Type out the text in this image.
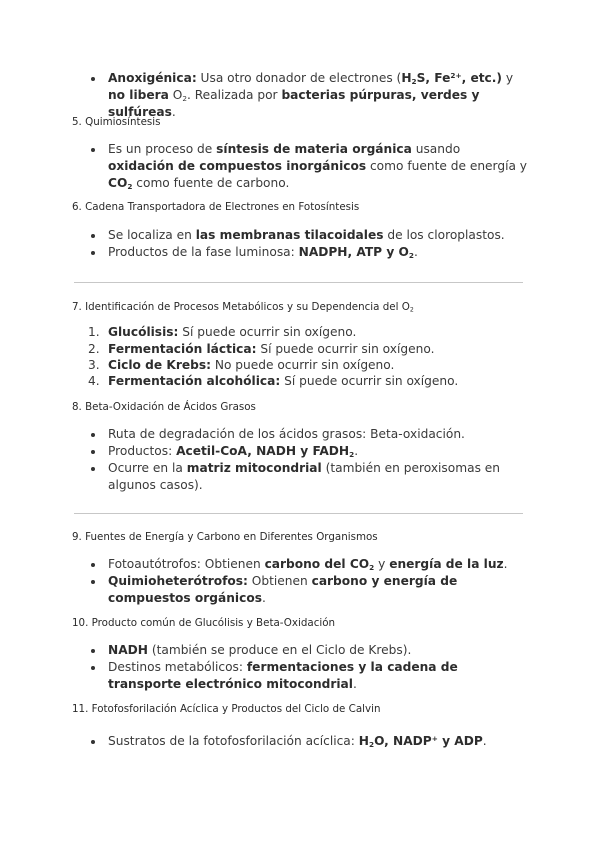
Anoxigénica: Usa otro donador de electrones ($H_2S$, $Fe^{2+}$, etc.) y no libera $O_2$. Realizada por bacterias púrpuras, verdes y sulfúreas.
5. Quimiosíntesis
Es un proceso de síntesis de materia orgánica usando oxidación de compuestos inorgánicos como fuente de energía y $CO_2$ como fuente de carbono.
6. Cadena Transportadora de Electrones en Fotosíntesis
Se localiza en las membranas tilacoidales de los cloroplastos.
Productos de la fase luminosa: NADPH, ATP y $O_2$.
7. Identificación de Procesos Metabólicos y su Dependencia del $O_2$
1. Glucólisis: Sí puede ocurrir sin oxígeno.
2. Fermentación láctica: Sí puede ocurrir sin oxígeno.
3. Ciclo de Krebs: No puede ocurrir sin oxígeno.
4. Fermentación alcohólica: Sí puede ocurrir sin oxígeno.
8. Beta-Oxidación de Ácidos Grasos
Ruta de degradación de los ácidos grasos: Beta-oxidación.
Productos: Acetil-CoA, NADH y $FADH_2$.
Ocurre en la matriz mitocondrial (también en peroxisomas en algunos casos).
9. Fuentes de Energía y Carbono en Diferentes Organismos
Fotoautótrofos: Obtienen carbono del $CO_2$ y energía de la luz.
Quimioheterótrofos: Obtienen carbono y energía de compuestos orgánicos.
10. Producto común de Glucólisis y Beta-Oxidación
NADH (también se produce en el Ciclo de Krebs).
Destinos metabólicos: fermentaciones y la cadena de transporte electrónico mitocondrial.
11. Fotofosforilación Acíclica y Productos del Ciclo de Calvin
Sustratos de la fotofosforilación acíclica: $H_2O$, NADP+ y ADP.
